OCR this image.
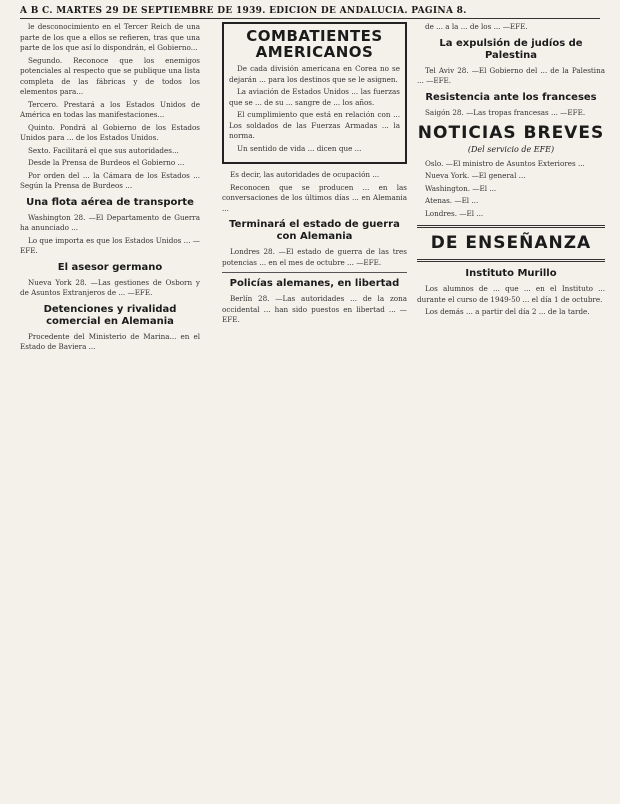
A B C. MARTES 29 DE SEPTIEMBRE DE 1939. EDICION DE ANDALUCIA. PAGINA 8.

le desconocimiento en el Tercer Reich de una parte de los que a ellos se refieren, tras que una parte de los que así lo dispondrán, el Gobierno...

Segundo. Reconoce que los enemigos potenciales al respecto que se publique una lista completa de las fábricas y de todos los elementos para...

Tercero. Prestará a los Estados Unidos de América en todas las manifestaciones...

Quinto. Pondrá al Gobierno de los Estados Unidos para ... de los Estados Unidos.

Sexto. Facilitará el que sus autoridades...

Desde la Prensa de Burdeos el Gobierno ...

Por orden del ... la Cámara de los Estados ... Según la Prensa de Burdeos ...

Una flota aérea de transporte

Washington 28. —El Departamento de Guerra ha anunciado ...

Lo que importa es que los Estados Unidos ... —EFE.

El asesor germano

Nueva York 28. —Las gestiones de Osborn y de Asuntos Extranjeros de ... —EFE.

Detenciones y rivalidad comercial en Alemania

Procedente del Ministerio de Marina... en el Estado de Baviera ...

COMBATIENTES AMERICANOS

De cada división americana en Corea no se dejarán ... para los destinos que se le asignen.

La aviación de Estados Unidos ... las fuerzas que se ... de su ... sangre de ... los años.

El cumplimiento que está en relación con ... Los soldados de las Fuerzas Armadas ... la norma.

Un sentido de vida ... dicen que ...

Es decir, las autoridades de ocupación ...

Reconocen que se producen ... en las conversaciones de los últimos días ... en Alemania ...

Terminará el estado de guerra con Alemania

Londres 28. —El estado de guerra de las tres potencias ... en el mes de octubre ... —EFE.

Policías alemanes, en libertad

Berlín 28. —Las autoridades ... de la zona occidental ... han sido puestos en libertad ... —EFE.

de ... a la ... de los ... —EFE.

La expulsión de judíos de Palestina

Tel Aviv 28. —El Gobierno del ... de la Palestina ... —EFE.

Resistencia ante los franceses

Saigón 28. —Las tropas francesas ... —EFE.

NOTICIAS BREVES
(Del servicio de EFE)

Oslo. —El ministro de Asuntos Exteriores ...

Nueva York. —El general ...

Washington. —El ...

Atenas. —El ...

Londres. —El ...

DE ENSEÑANZA
Instituto Murillo

Los alumnos de ... que ... en el Instituto ... durante el curso de 1949-50 ... el día 1 de octubre.

Los demás ... a partir del día 2 ... de la tarde.
